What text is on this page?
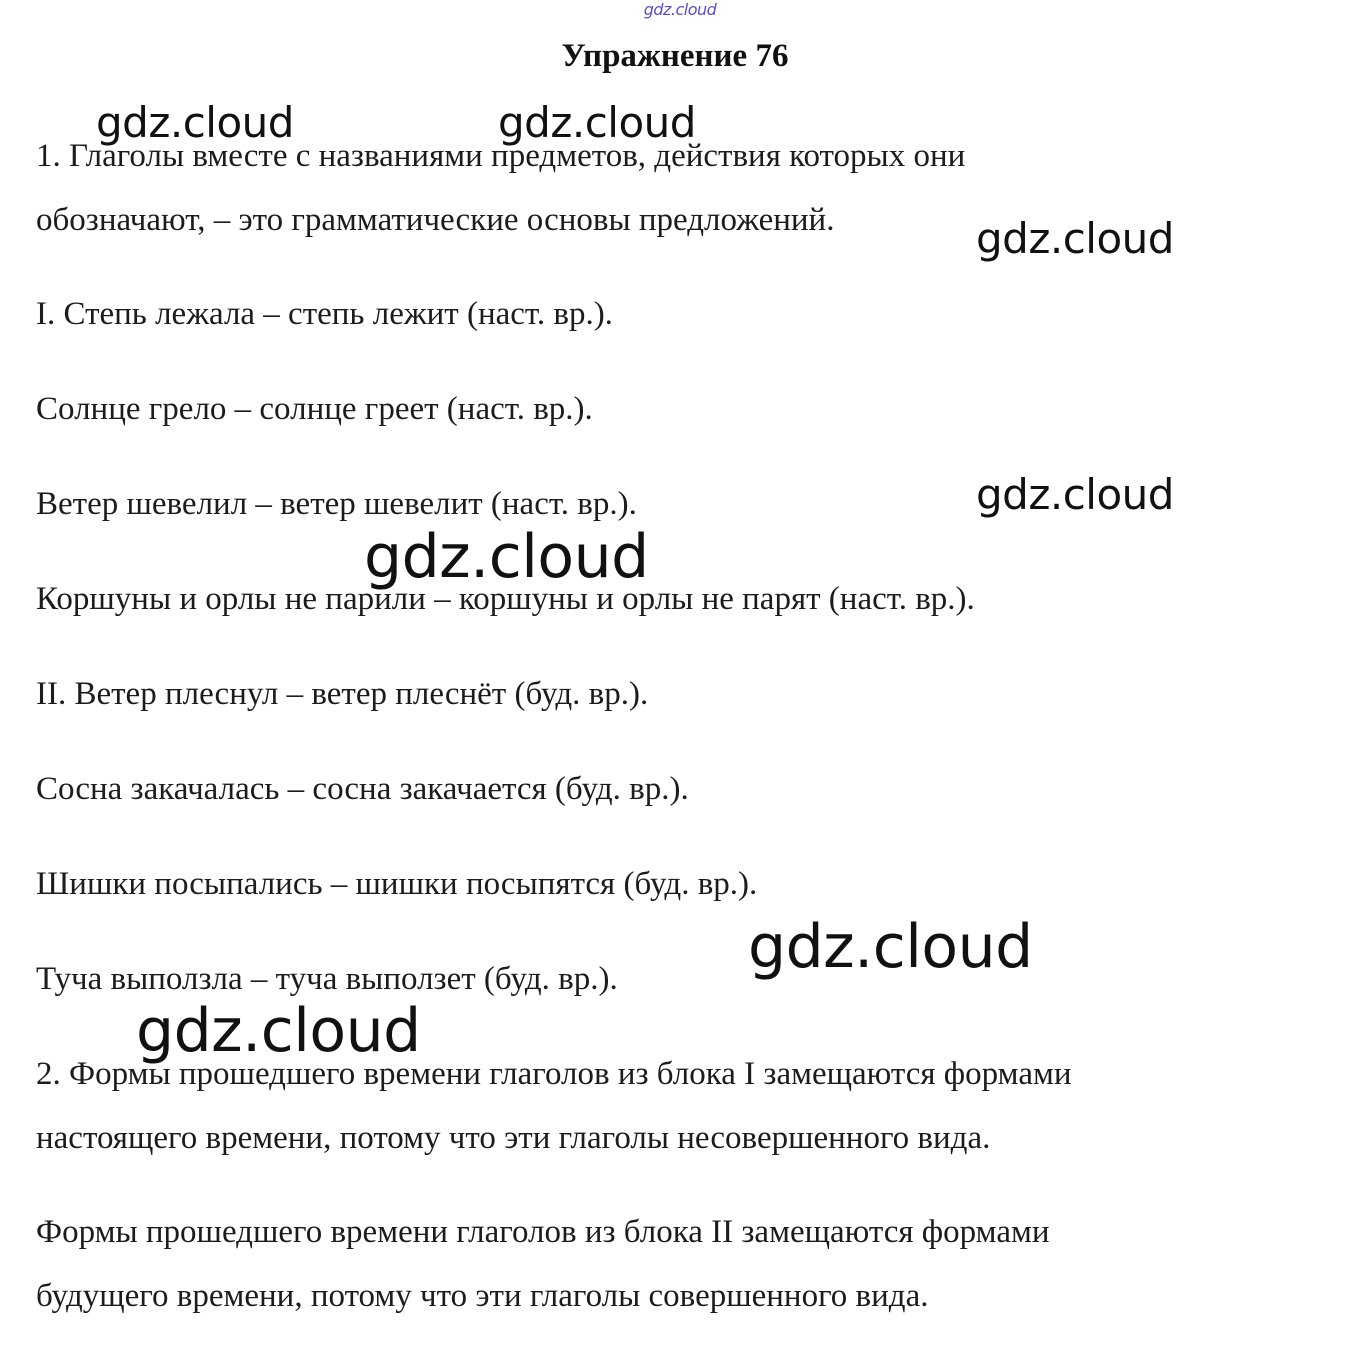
gdz.cloud
Упражнение 76
1. Глаголы вместе с названиями предметов, действия которых они
обозначают, – это грамматические основы предложений.
I. Степь лежала – степь лежит (наст. вр.).
Солнце грело – солнце греет (наст. вр.).
Ветер шевелил – ветер шевелит (наст. вр.).
Коршуны и орлы не парили – коршуны и орлы не парят (наст. вр.).
II. Ветер плеснул – ветер плеснёт (буд. вр.).
Сосна закачалась – сосна закачается (буд. вр.).
Шишки посыпались – шишки посыпятся (буд. вр.).
Туча выползла – туча выползет (буд. вр.).
2. Формы прошедшего времени глаголов из блока I замещаются формами
настоящего времени, потому что эти глаголы несовершенного вида.
Формы прошедшего времени глаголов из блока II замещаются формами
будущего времени, потому что эти глаголы совершенного вида.
gdz.cloud	gdz.cloud
gdz.cloud
gdz.cloud
gdz.cloud
gdz.cloud
gdz.cloud
